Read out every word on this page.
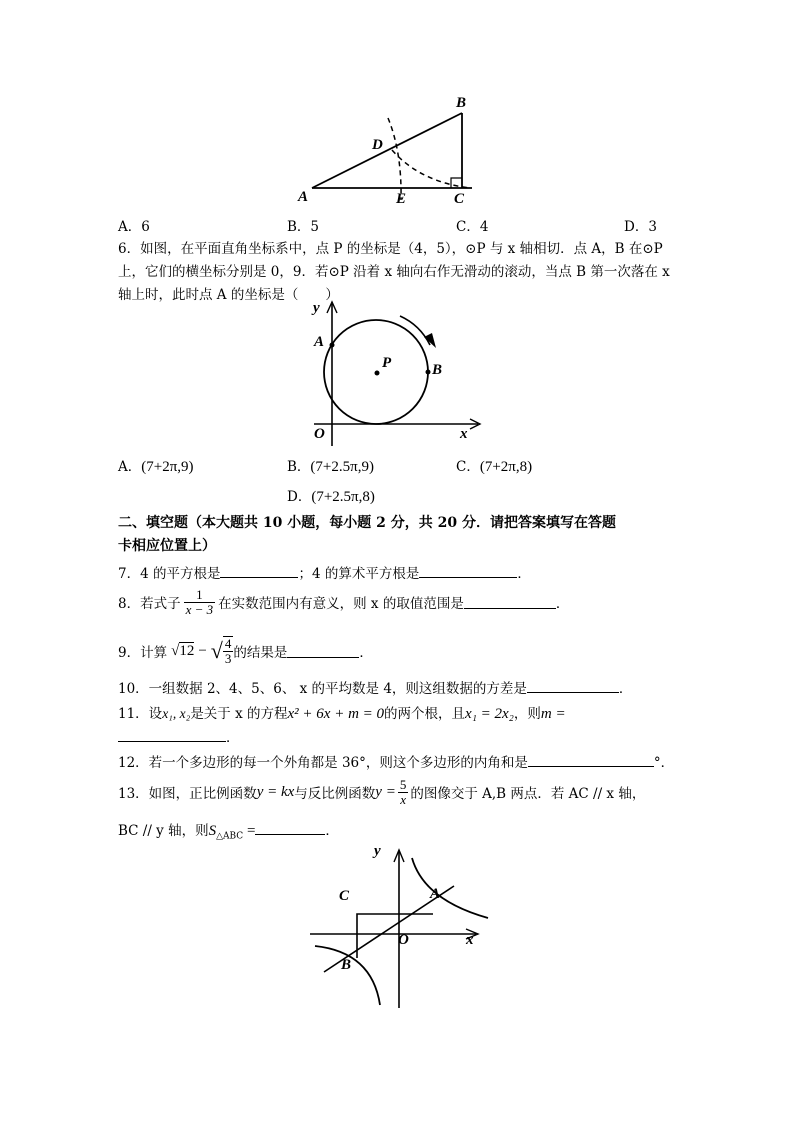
B
D
A	E	C
A．6	B．5	C．4	D．3
6．如图，在平面直角坐标系中，点 P 的坐标是（4，5），⊙P 与 x 轴相切．点 A，B 在⊙P
上，它们的横坐标分别是 0，9．若⊙P 沿着 x 轴向右作无滑动的滚动，当点 B 第一次落在 x
轴上时，此时点 A 的坐标是（　　）
y
A
P	B
O	x
A．(7+2π,9)	B．(7+2.5π,9)	C．(7+2π,8)
D．(7+2.5π,8)
二、填空题（本大题共 10 小题，每小题 2 分，共 20 分．请把答案填写在答题
卡相应位置上）
7．4 的平方根是	；4 的算术平方根是	．
8．若式子 $\frac{1}{x - 3}$ 在实数范围内有意义，则 x 的取值范围是	．
9．计算 √12 − √ $\frac{4}{3}$ 的结果是	．
10．一组数据 2、4、5、6、 x 的平均数是 4，则这组数据的方差是	．
11．设x₁, x₂是关于 x 的方程x² + 6x + m = 0的两个根，且x₁ = 2x₂，则m =
．
12．若一个多边形的每一个外角都是 36°，则这个多边形的内角和是	°．
13．如图，正比例函数 y = kx 与反比例函数 $y = \frac{5}{x}$ 的图像交于 A,B 两点．若 AC // x 轴，
BC // y 轴，则$S_{\triangle ABC}$ =	．
y
C	A
O	x
B
